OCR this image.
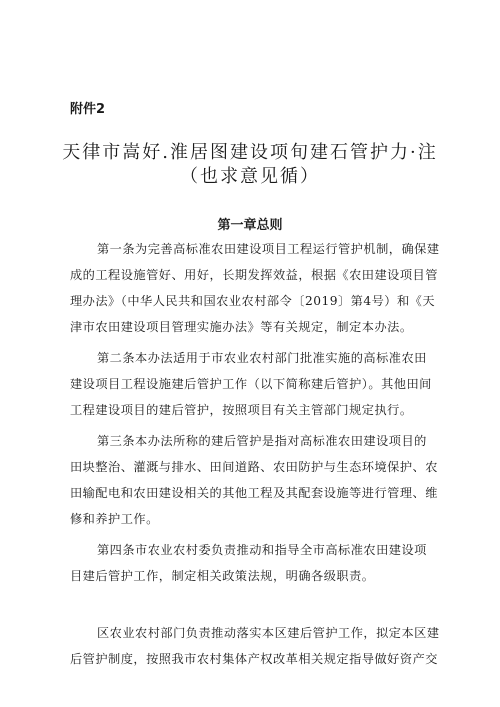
附件2
天律市嵩好.淮居图建设项旬建石管护力·注
（也求意见循）
第一章总则
第一条为完善高标准农田建设项目工程运行管护机制，确保建
成的工程设施管好、用好，长期发挥效益，根据《农田建设项目管
理办法》（中华人民共和国农业农村部令〔2019〕第4号）和《天
津市农田建设项目管理实施办法》等有关规定，制定本办法。
第二条本办法适用于市农业农村部门批准实施的高标准农田
建设项目工程设施建后管护工作（以下简称建后管护）。其他田间
工程建设项目的建后管护，按照项目有关主管部门规定执行。
第三条本办法所称的建后管护是指对高标准农田建设项目的
田块整治、灌溉与排水、田间道路、农田防护与生态环境保护、农
田输配电和农田建设相关的其他工程及其配套设施等进行管理、维
修和养护工作。
第四条市农业农村委负责推动和指导全市高标准农田建设项
目建后管护工作，制定相关政策法规，明确各级职责。
区农业农村部门负责推动落实本区建后管护工作，拟定本区建
后管护制度，按照我市农村集体产权改革相关规定指导做好资产交
